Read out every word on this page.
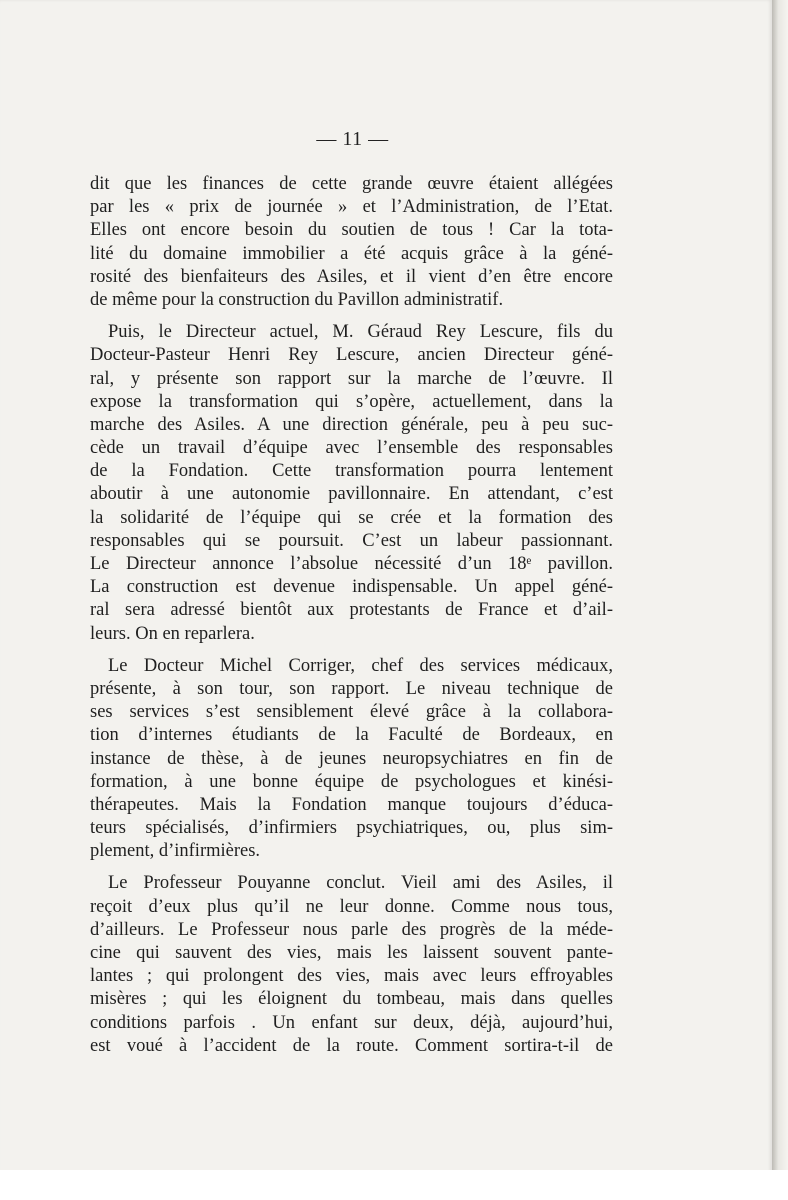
— 11 —
dit que les finances de cette grande œuvre étaient allégées
par les « prix de journée » et l’Administration, de l’Etat.
Elles ont encore besoin du soutien de tous ! Car la tota-
lité du domaine immobilier a été acquis grâce à la géné-
rosité des bienfaiteurs des Asiles, et il vient d’en être encore
de même pour la construction du Pavillon administratif.
Puis, le Directeur actuel, M. Géraud Rey Lescure, fils du
Docteur-Pasteur Henri Rey Lescure, ancien Directeur géné-
ral, y présente son rapport sur la marche de l’œuvre. Il
expose la transformation qui s’opère, actuellement, dans la
marche des Asiles. A une direction générale, peu à peu suc-
cède un travail d’équipe avec l’ensemble des responsables
de la Fondation. Cette transformation pourra lentement
aboutir à une autonomie pavillonnaire. En attendant, c’est
la solidarité de l’équipe qui se crée et la formation des
responsables qui se poursuit. C’est un labeur passionnant.
Le Directeur annonce l’absolue nécessité d’un 18ᵉ pavillon.
La construction est devenue indispensable. Un appel géné-
ral sera adressé bientôt aux protestants de France et d’ail-
leurs. On en reparlera.
Le Docteur Michel Corriger, chef des services médicaux,
présente, à son tour, son rapport. Le niveau technique de
ses services s’est sensiblement élevé grâce à la collabora-
tion d’internes étudiants de la Faculté de Bordeaux, en
instance de thèse, à de jeunes neuropsychiatres en fin de
formation, à une bonne équipe de psychologues et kinési-
thérapeutes. Mais la Fondation manque toujours d’éduca-
teurs spécialisés, d’infirmiers psychiatriques, ou, plus sim-
plement, d’infirmières.
Le Professeur Pouyanne conclut. Vieil ami des Asiles, il
reçoit d’eux plus qu’il ne leur donne. Comme nous tous,
d’ailleurs. Le Professeur nous parle des progrès de la méde-
cine qui sauvent des vies, mais les laissent souvent pante-
lantes ; qui prolongent des vies, mais avec leurs effroyables
misères ; qui les éloignent du tombeau, mais dans quelles
conditions parfois . Un enfant sur deux, déjà, aujourd’hui,
est voué à l’accident de la route. Comment sortira-t-il de
